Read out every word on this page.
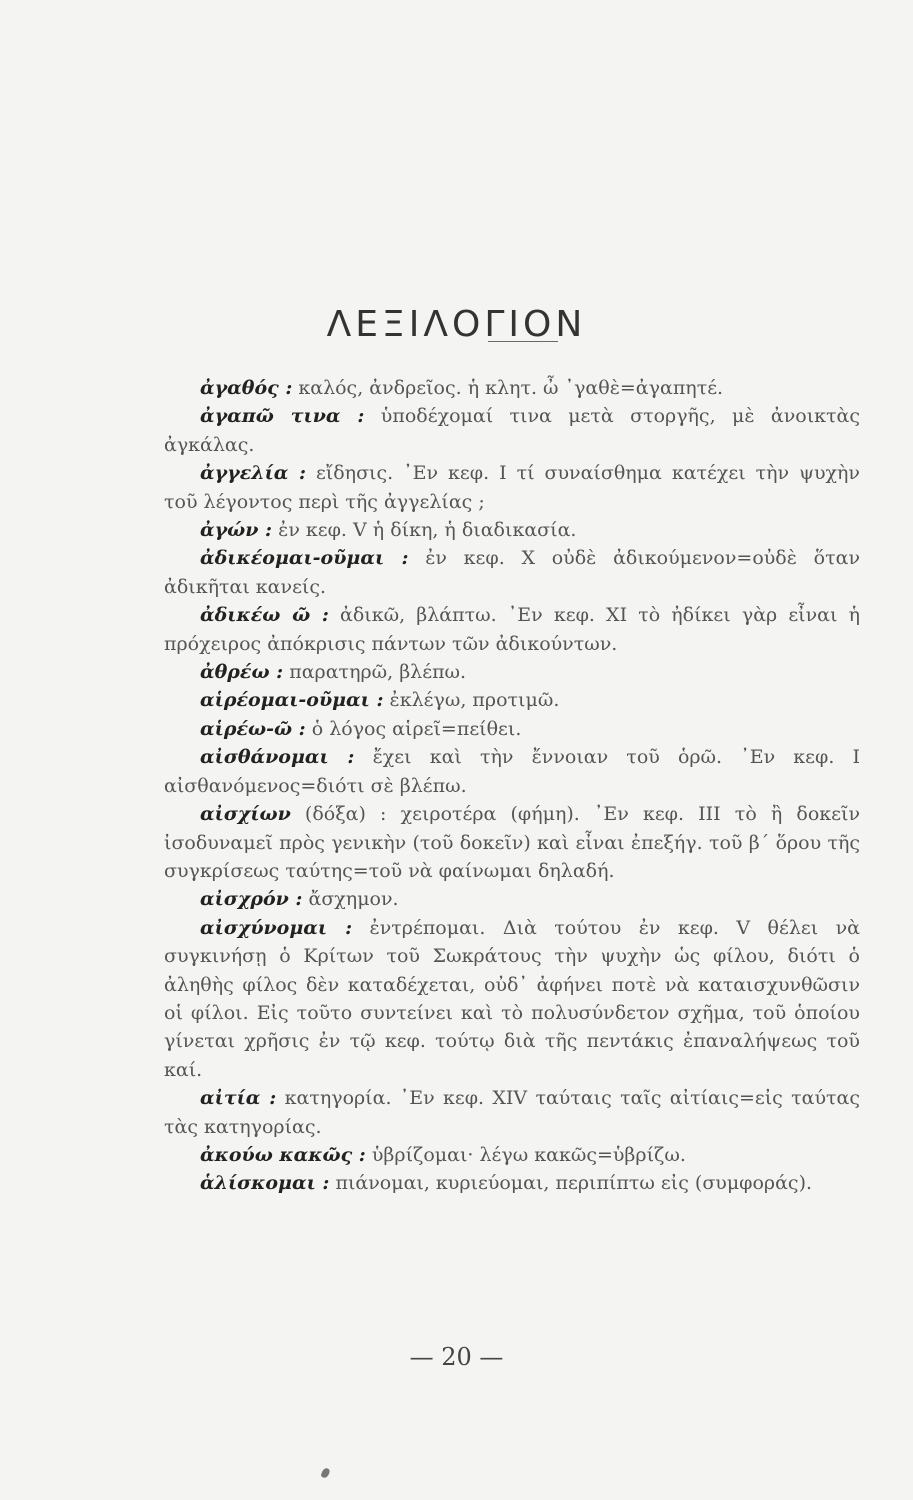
ΛΕΞΙΛΟΓΙΟΝ

ἀγαθός : καλός, ἀνδρεῖος. ἡ κλητ. ὦ ᾿γαθὲ=ἀγαπητέ.

ἀγαπῶ τινα : ὑποδέχομαί τινα μετὰ στοργῆς, μὲ ἀνοικτὰς ἀγκάλας.

ἀγγελία : εἴδησις. ᾿Εν κεφ. I τί συναίσθημα κατέχει τὴν ψυχὴν τοῦ λέγοντος περὶ τῆς ἀγγελίας ;

ἀγών : ἐν κεφ. V ἡ δίκη, ἡ διαδικασία.

ἀδικέομαι-οῦμαι : ἐν κεφ. X οὐδὲ ἀδικούμενον=οὐδὲ ὅταν ἀδικῆται κανείς.

ἀδικέω ῶ : ἀδικῶ, βλάπτω. ᾿Εν κεφ. XI τὸ ἠδίκει γὰρ εἶναι ἡ πρόχειρος ἀπόκρισις πάντων τῶν ἀδικούντων.

ἀθρέω : παρατηρῶ, βλέπω.

αἱρέομαι-οῦμαι : ἐκλέγω, προτιμῶ.

αἱρέω-ῶ : ὁ λόγος αἱρεῖ=πείθει.

αἰσθάνομαι : ἔχει καὶ τὴν ἔννοιαν τοῦ ὁρῶ. ᾿Εν κεφ. I αἰσθανόμενος=διότι σὲ βλέπω.

αἰσχίων (δόξα) : χειροτέρα (φήμη). ᾿Εν κεφ. III τὸ ἢ δοκεῖν ἰσοδυναμεῖ πρὸς γενικὴν (τοῦ δοκεῖν) καὶ εἶναι ἐπεξήγ. τοῦ β΄ ὅρου τῆς συγκρίσεως ταύτης=τοῦ νὰ φαίνωμαι δηλαδή.

αἰσχρόν : ἄσχημον.

αἰσχύνομαι : ἐντρέπομαι. Διὰ τούτου ἐν κεφ. V θέλει νὰ συγκινήσῃ ὁ Κρίτων τοῦ Σωκράτους τὴν ψυχὴν ὡς φίλου, διότι ὁ ἀληθὴς φίλος δὲν καταδέχεται, οὐδ᾿ ἀφήνει ποτὲ νὰ καταισχυνθῶσιν οἱ φίλοι. Εἰς τοῦτο συντείνει καὶ τὸ πολυσύνδετον σχῆμα, τοῦ ὁποίου γίνεται χρῆσις ἐν τῷ κεφ. τούτῳ διὰ τῆς πεντάκις ἐπαναλήψεως τοῦ καί.

αἰτία : κατηγορία. ᾿Εν κεφ. XIV ταύταις ταῖς αἰτίαις=εἰς ταύτας τὰς κατηγορίας.

ἀκούω κακῶς : ὑβρίζομαι· λέγω κακῶς=ὑβρίζω.

ἁλίσκομαι : πιάνομαι, κυριεύομαι, περιπίπτω εἰς (συμφοράς).

— 20 —
